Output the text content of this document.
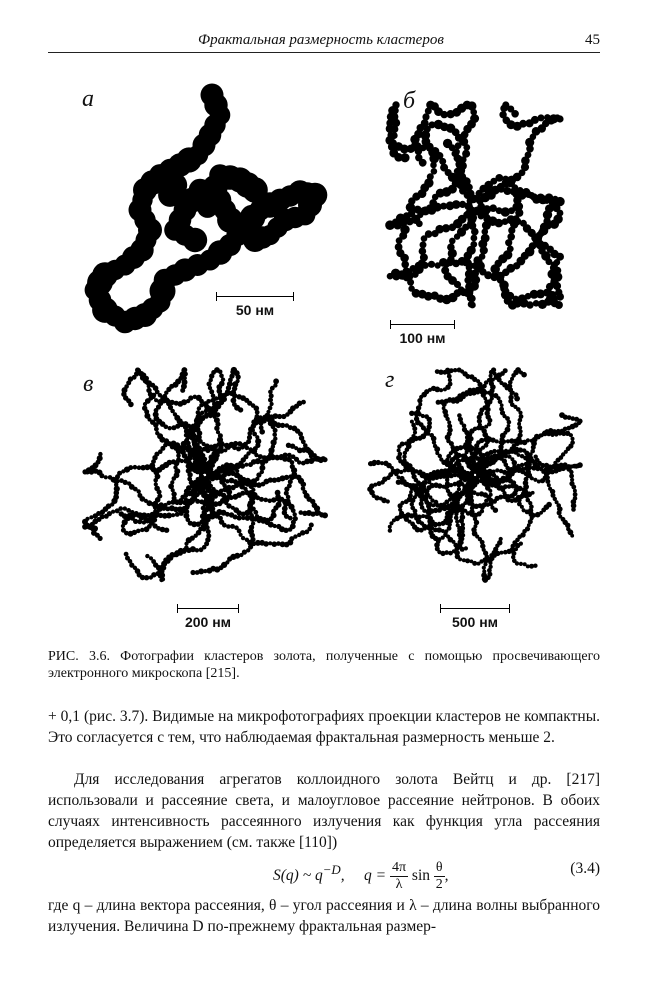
Фрактальная размерность кластеров	45
а
50 нм
б
100 нм
в
200 нм
г
500 нм
РИС. 3.6. Фотографии кластеров золота, полученные с помощью просвечивающего электронного микроскопа [215].
+ 0,1 (рис. 3.7). Видимые на микрофотографиях проекции кластеров не компактны. Это согласуется с тем, что наблюдаемая фрактальная размерность меньше 2.
Для исследования агрегатов коллоидного золота Вейтц и др. [217] использовали и рассеяние света, и малоугловое рассеяние нейтронов. В обоих случаях интенсивность рассеянного излучения как функция угла рассеяния определяется выражением (см. также [110])
S(q) ~ $q^{-D}$, $q = \frac{4\pi}{\lambda}$ $\sin \frac{\theta}{2}$ ,	(3.4)
где q – длина вектора рассеяния, θ – угол рассеяния и λ – длина волны выбранного излучения. Величина D по-прежнему фрактальная размер-
